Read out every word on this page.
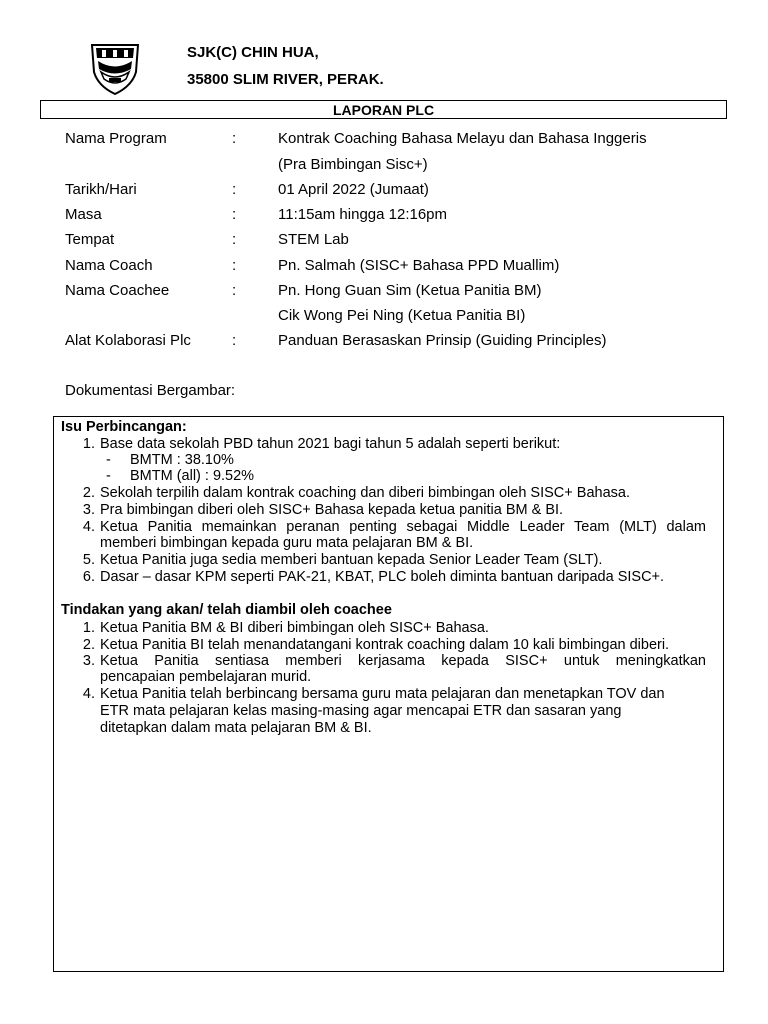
SJK(C) CHIN HUA,
35800 SLIM RIVER, PERAK.
LAPORAN PLC
Nama Program	:	Kontrak Coaching Bahasa Melayu dan Bahasa Inggeris
(Pra Bimbingan Sisc+)
Tarikh/Hari	:	01 April 2022 (Jumaat)
Masa	:	11:15am hingga 12:16pm
Tempat	:	STEM Lab
Nama Coach	:	Pn. Salmah (SISC+ Bahasa PPD Muallim)
Nama Coachee	:	Pn. Hong Guan Sim (Ketua Panitia BM)
Cik Wong Pei Ning (Ketua Panitia BI)
Alat Kolaborasi Plc	:	Panduan Berasaskan Prinsip (Guiding Principles)
Dokumentasi Bergambar:
Isu Perbincangan:
1. Base data sekolah PBD tahun 2021 bagi tahun 5 adalah seperti berikut:
- BMTM : 38.10%
- BMTM (all) : 9.52%
2. Sekolah terpilih dalam kontrak coaching dan diberi bimbingan oleh SISC+ Bahasa.
3. Pra bimbingan diberi oleh SISC+ Bahasa kepada ketua panitia BM & BI.
4. Ketua Panitia memainkan peranan penting sebagai Middle Leader Team (MLT) dalam
memberi bimbingan kepada guru mata pelajaran BM & BI.
5. Ketua Panitia juga sedia memberi bantuan kepada Senior Leader Team (SLT).
6. Dasar – dasar KPM seperti PAK-21, KBAT, PLC boleh diminta bantuan daripada SISC+.
Tindakan yang akan/ telah diambil oleh coachee
1. Ketua Panitia BM & BI diberi bimbingan oleh SISC+ Bahasa.
2. Ketua Panitia BI telah menandatangani kontrak coaching dalam 10 kali bimbingan diberi.
3. Ketua Panitia sentiasa memberi kerjasama kepada SISC+ untuk meningkatkan
pencapaian pembelajaran murid.
4. Ketua Panitia telah berbincang bersama guru mata pelajaran dan menetapkan TOV dan
ETR mata pelajaran kelas masing-masing agar mencapai ETR dan sasaran yang
ditetapkan dalam mata pelajaran BM & BI.
